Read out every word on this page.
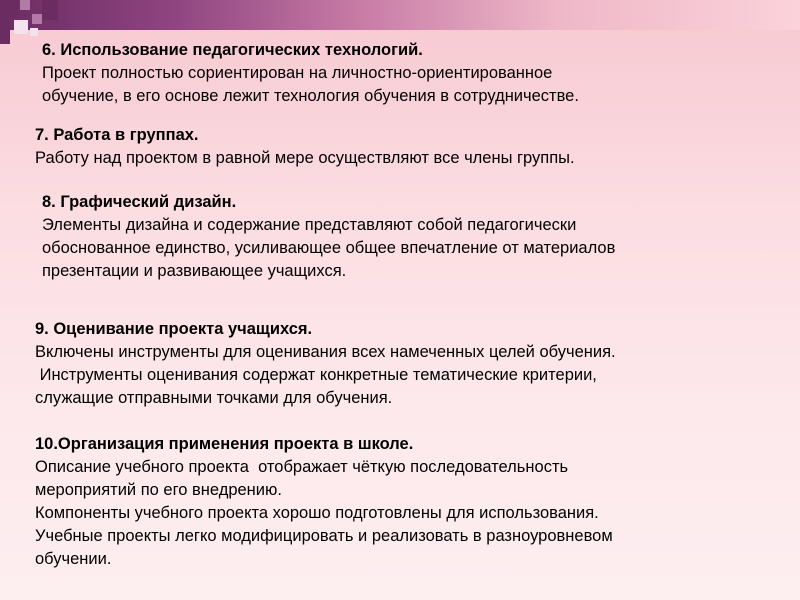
6. Использование педагогических технологий.
Проект полностью сориентирован на личностно-ориентированное
обучение, в его основе лежит технология обучения в сотрудничестве.
7. Работа в группах.
Работу над проектом в равной мере осуществляют все члены группы.
8. Графический дизайн.
Элементы дизайна и содержание представляют собой педагогически
обоснованное единство, усиливающее общее впечатление от материалов
презентации и развивающее учащихся.
9. Оценивание проекта учащихся.
Включены инструменты для оценивания всех намеченных целей обучения.
Инструменты оценивания содержат конкретные тематические критерии,
служащие отправными точками для обучения.
10.Организация применения проекта в школе.
Описание учебного проекта  отображает чёткую последовательность
мероприятий по его внедрению.
Компоненты учебного проекта хорошо подготовлены для использования.
Учебные проекты легко модифицировать и реализовать в разноуровневом
обучении.
